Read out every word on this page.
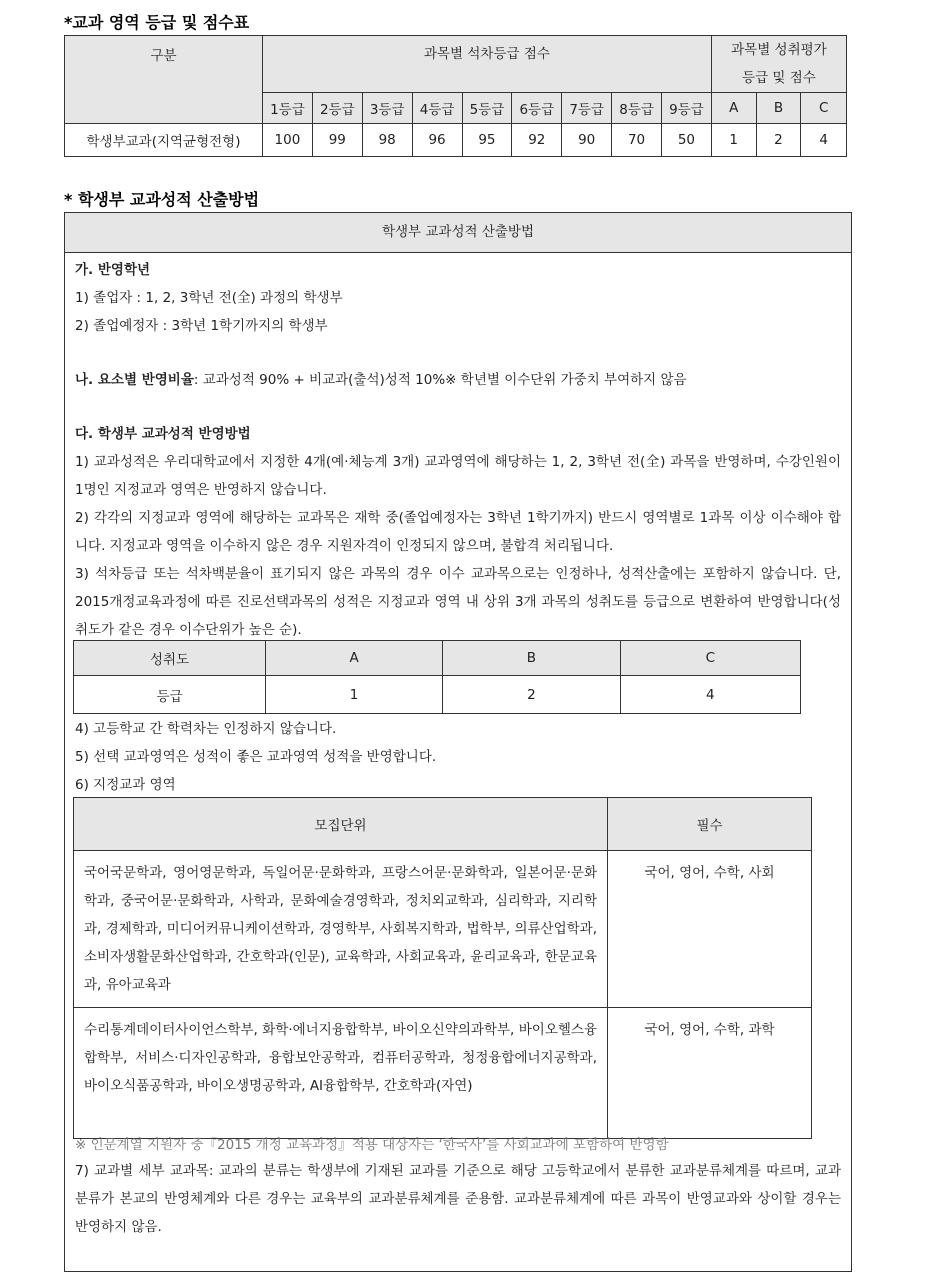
*교과 영역 등급 및 점수표
구분	과목별 석차등급 점수									과목별 성취평가
등급 및 점수		
	1등급	2등급	3등급	4등급	5등급	6등급	7등급	8등급	9등급	A	B	C
학생부교과(지역균형전형)	100	99	98	96	95	92	90	70	50	1	2	4
* 학생부 교과성적 산출방법
학생부 교과성적 산출방법
가. 반영학년
1) 졸업자 : 1, 2, 3학년 전(全) 과정의 학생부
2) 졸업예정자 : 3학년 1학기까지의 학생부
나. 요소별 반영비율: 교과성적 90% + 비교과(출석)성적 10%※ 학년별 이수단위 가중치 부여하지 않음
다. 학생부 교과성적 반영방법
1) 교과성적은 우리대학교에서 지정한 4개(예·체능계 3개) 교과영역에 해당하는 1, 2, 3학년 전(全) 과목을 반영하며, 수강인원이 1명인 지정교과 영역은 반영하지 않습니다.
2) 각각의 지정교과 영역에 해당하는 교과목은 재학 중(졸업예정자는 3학년 1학기까지) 반드시 영역별로 1과목 이상 이수해야 합니다. 지정교과 영역을 이수하지 않은 경우 지원자격이 인정되지 않으며, 불합격 처리됩니다.
3) 석차등급 또는 석차백분율이 표기되지 않은 과목의 경우 이수 교과목으로는 인정하나, 성적산출에는 포함하지 않습니다. 단, 2015개정교육과정에 따른 진로선택과목의 성적은 지정교과 영역 내 상위 3개 과목의 성취도를 등급으로 변환하여 반영합니다(성취도가 같은 경우 이수단위가 높은 순).
성취도	A	B	C
등급	1	2	4
4) 고등학교 간 학력차는 인정하지 않습니다.
5) 선택 교과영역은 성적이 좋은 교과영역 성적을 반영합니다.
6) 지정교과 영역
모집단위	필수
국어국문학과, 영어영문학과, 독일어문·문화학과, 프랑스어문·문화학과, 일본어문·문화학과, 중국어문·문화학과, 사학과, 문화예술경영학과, 정치외교학과, 심리학과, 지리학과, 경제학과, 미디어커뮤니케이션학과, 경영학부, 사회복지학과, 법학부, 의류산업학과, 소비자생활문화산업학과, 간호학과(인문), 교육학과, 사회교육과, 윤리교육과, 한문교육과, 유아교육과	국어, 영어, 수학, 사회
수리통계데이터사이언스학부, 화학·에너지융합학부, 바이오신약의과학부, 바이오헬스융합학부, 서비스·디자인공학과, 융합보안공학과, 컴퓨터공학과, 청정융합에너지공학과, 바이오식품공학과, 바이오생명공학과, AI융합학부, 간호학과(자연)	국어, 영어, 수학, 과학
※ 인문계열 지원자 중『2015 개정 교육과정』적용 대상자는 ‘한국사’를 사회교과에 포함하여 반영함
7) 교과별 세부 교과목: 교과의 분류는 학생부에 기재된 교과를 기준으로 해당 고등학교에서 분류한 교과분류체계를 따르며, 교과 분류가 본교의 반영체계와 다른 경우는 교육부의 교과분류체계를 준용함. 교과분류체계에 따른 과목이 반영교과와 상이할 경우는 반영하지 않음.
